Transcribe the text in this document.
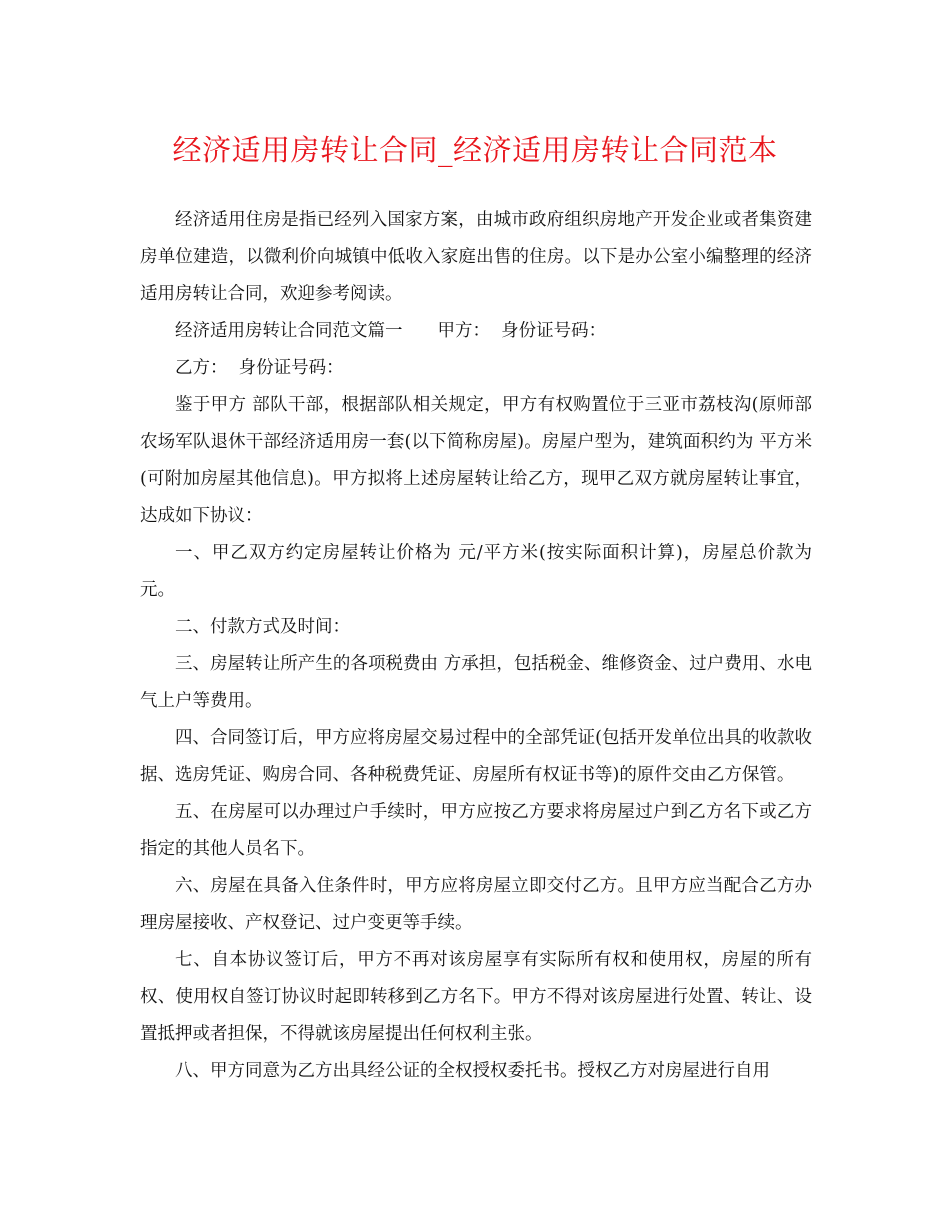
经济适用房转让合同_经济适用房转让合同范本

经济适用住房是指已经列入国家方案，由城市政府组织房地产开发企业或者集资建房单位建造，以微利价向城镇中低收入家庭出售的住房。以下是办公室小编整理的经济适用房转让合同，欢迎参考阅读。

经济适用房转让合同范文篇一　　甲方：  身份证号码：

乙方：  身份证号码：

鉴于甲方 部队干部，根据部队相关规定，甲方有权购置位于三亚市荔枝沟(原师部农场军队退休干部经济适用房一套(以下简称房屋)。房屋户型为，建筑面积约为 平方米(可附加房屋其他信息)。甲方拟将上述房屋转让给乙方，现甲乙双方就房屋转让事宜，达成如下协议：

一、甲乙双方约定房屋转让价格为 元/平方米(按实际面积计算)，房屋总价款为 元。

二、付款方式及时间：

三、房屋转让所产生的各项税费由 方承担，包括税金、维修资金、过户费用、水电气上户等费用。

四、合同签订后，甲方应将房屋交易过程中的全部凭证(包括开发单位出具的收款收据、选房凭证、购房合同、各种税费凭证、房屋所有权证书等)的原件交由乙方保管。

五、在房屋可以办理过户手续时，甲方应按乙方要求将房屋过户到乙方名下或乙方指定的其他人员名下。

六、房屋在具备入住条件时，甲方应将房屋立即交付乙方。且甲方应当配合乙方办理房屋接收、产权登记、过户变更等手续。

七、自本协议签订后，甲方不再对该房屋享有实际所有权和使用权，房屋的所有权、使用权自签订协议时起即转移到乙方名下。甲方不得对该房屋进行处置、转让、设置抵押或者担保，不得就该房屋提出任何权利主张。

八、甲方同意为乙方出具经公证的全权授权委托书。授权乙方对房屋进行自用
